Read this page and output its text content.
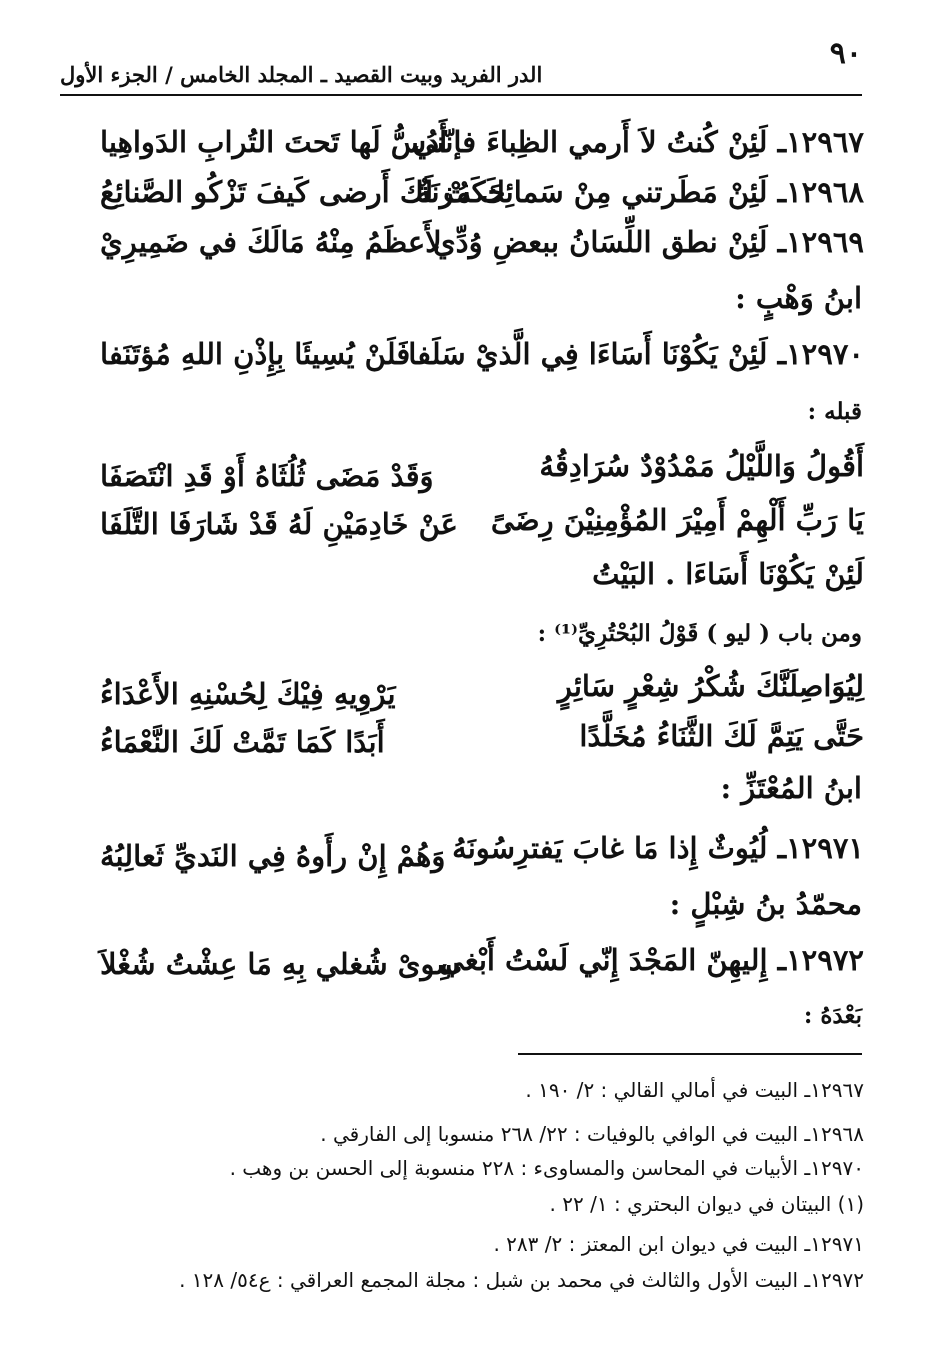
٩٠
الدر الفريد وبيت القصيد ـ المجلد الخامس / الجزء الأول
١٢٩٦٧ـ لَئِنْ كُنتُ لاَ أَرمي الظِباءَ فإنّني
أَدُسُّ لَها تَحتَ التُرابِ الدَواهِيا
١٢٩٦٨ـ لَئِنْ مَطَرتني مِنْ سَمائِكَ مُزنَةٌ
حَكَتْ لَكَ أَرضى كَيفَ تَزْكُو الصَّنائِعُ
١٢٩٦٩ـ لَئِنْ نطق اللِّسَانُ ببعضِ وُدِّي
لأَعظَمُ مِنْهُ مَالَكَ في ضَمِيرِيْ
ابنُ وَهْبٍ :
١٢٩٧٠ـ لَئِنْ يَكُوْنَا أَسَاءَا فِي الَّذيْ سَلَفا
فَلَنْ يُسِيئَا بِإِذْنِ اللهِ مُؤتَنَفا
قبله :
أَقُولُ وَاللَّيْلُ مَمْدُوْدٌ سُرَادِقُهُ
وَقَدْ مَضَى ثُلُثَاهُ أَوْ قَدِ انْتَصَفَا
يَا رَبِّ أَلْهِمْ أَمِيْرَ المُؤْمِنِيْنَ رِضَىً
عَنْ خَادِمَيْنِ لَهُ قَدْ شَارَفَا التَّلَفَا
لَئِنْ يَكُوْنَا أَسَاءَا . البَيْتُ
ومن باب ( ليو ) قَوْلُ البُحْتُرِيِّ⁽¹⁾ :
لِيُوَاصِلَنَّكَ شُكْرُ شِعْرٍ سَائِرٍ
يَرْوِيهِ فِيْكَ لِحُسْنِهِ الأَعْدَاءُ
حَتَّى يَتِمَّ لَكَ الثَّنَاءُ مُخَلَّدًا
أَبَدًا كَمَا تَمَّتْ لَكَ النَّعْمَاءُ
ابنُ المُعْتَزِّ :
١٢٩٧١ـ لُيُوثٌ إِذا مَا غابَ يَفترِسُونَهُ
وَهُمْ إِنْ رأَوهُ فِي النَديِّ ثَعالِبُهُ
محمّدُ بنُ شِبْلٍ :
١٢٩٧٢ـ إِليهِنّ المَجْدَ إِنّي لَسْتُ أَبْغي
سِوىْ شُغلي بِهِ مَا عِشْتُ شُغْلاَ
بَعْدَهُ :
١٢٩٦٧ـ البيت في أمالي القالي : ٢/ ١٩٠ .
١٢٩٦٨ـ البيت في الوافي بالوفيات : ٢٢/ ٢٦٨ منسوبا إلى الفارقي .
١٢٩٧٠ـ الأبيات في المحاسن والمساوىء : ٢٢٨ منسوبة إلى الحسن بن وهب .
(١) البيتان في ديوان البحتري : ١/ ٢٢ .
١٢٩٧١ـ البيت في ديوان ابن المعتز : ٢/ ٢٨٣ .
١٢٩٧٢ـ البيت الأول والثالث في محمد بن شبل : مجلة المجمع العراقي : ع٥٤/ ١٢٨ .
